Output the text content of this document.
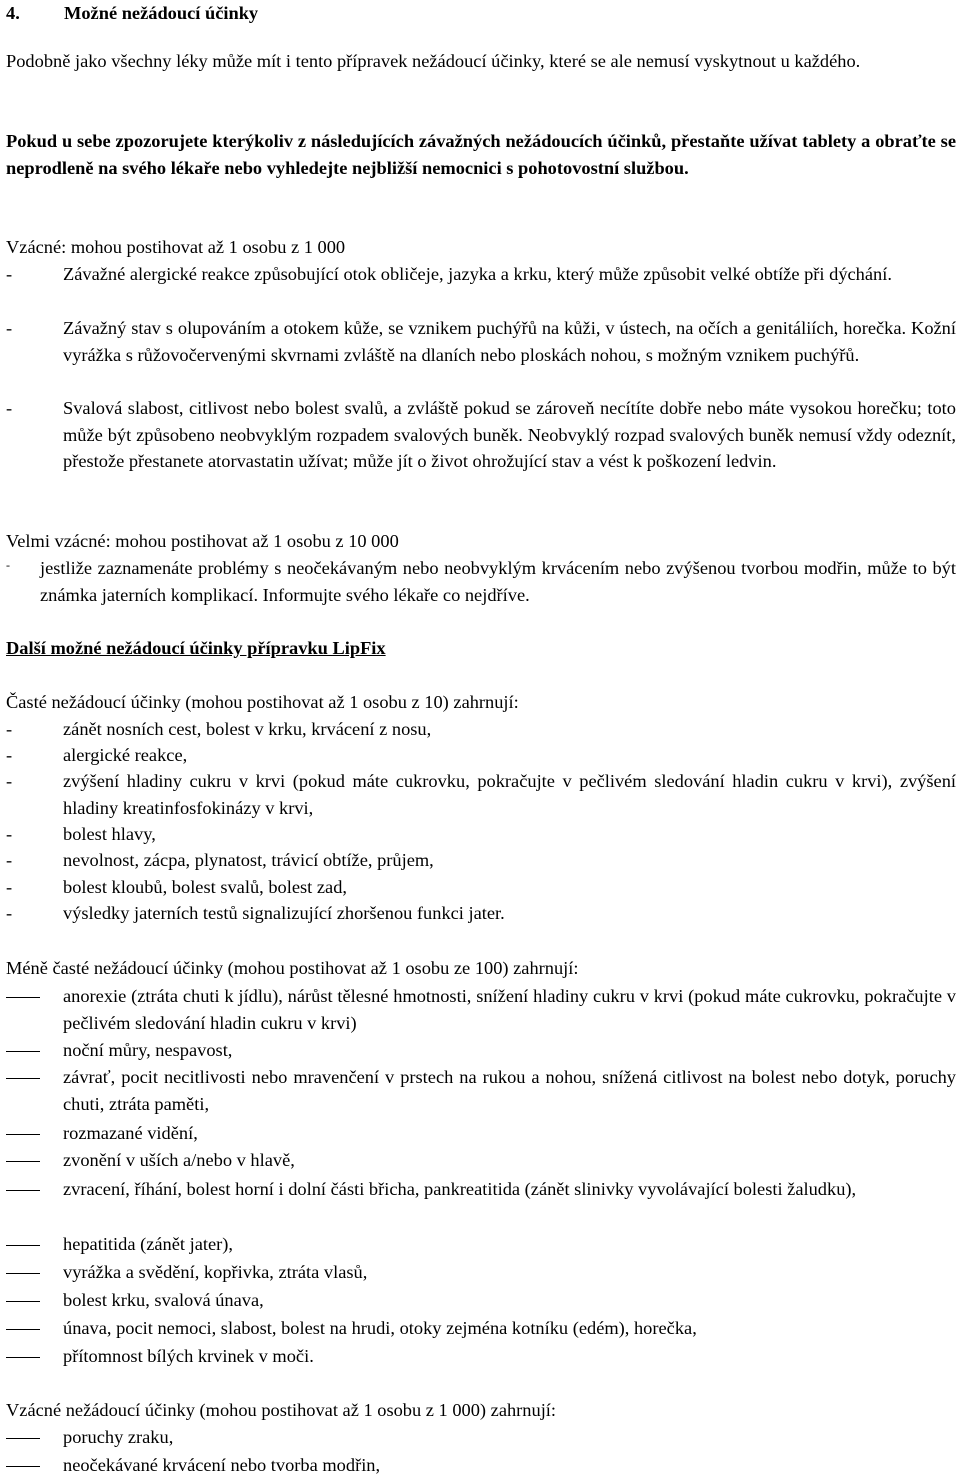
4. Možné nežádoucí účinky
Podobně jako všechny léky může mít i tento přípravek nežádoucí účinky, které se ale nemusí vyskytnout u každého.
Pokud u sebe zpozorujete kterýkoliv z následujících závažných nežádoucích účinků, přestaňte užívat tablety a obraťte se neprodleně na svého lékaře nebo vyhledejte nejbližší nemocnici s pohotovostní službou.
Vzácné: mohou postihovat až 1 osobu z 1 000
-	Závažné alergické reakce způsobující otok obličeje, jazyka a krku, který může způsobit velké obtíže při dýchání.
-	Závažný stav s olupováním a otokem kůže, se vznikem puchýřů na kůži, v ústech, na očích a genitáliích, horečka. Kožní vyrážka s růžovočervenými skvrnami zvláště na dlaních nebo ploskách nohou, s možným vznikem puchýřů.
-	Svalová slabost, citlivost nebo bolest svalů, a zvláště pokud se zároveň necítíte dobře nebo máte vysokou horečku; toto může být způsobeno neobvyklým rozpadem svalových buněk. Neobvyklý rozpad svalových buněk nemusí vždy odeznít, přestože přestanete atorvastatin užívat; může jít o život ohrožující stav a vést k poškození ledvin.
Velmi vzácné: mohou postihovat až 1 osobu z 10 000
-	jestliže zaznamenáte problémy s neočekávaným nebo neobvyklým krvácením nebo zvýšenou tvorbou modřin, může to být známka jaterních komplikací. Informujte svého lékaře co nejdříve.
Další možné nežádoucí účinky přípravku LipFix
Časté nežádoucí účinky (mohou postihovat až 1 osobu z 10) zahrnují:
-	zánět nosních cest, bolest v krku, krvácení z nosu,
-	alergické reakce,
-	zvýšení hladiny cukru v krvi (pokud máte cukrovku, pokračujte v pečlivém sledování hladin cukru v krvi), zvýšení hladiny kreatinfosfokinázy v krvi,
-	bolest hlavy,
-	nevolnost, zácpa, plynatost, trávicí obtíže, průjem,
-	bolest kloubů, bolest svalů, bolest zad,
-	výsledky jaterních testů signalizující zhoršenou funkci jater.
Méně časté nežádoucí účinky (mohou postihovat až 1 osobu ze 100) zahrnují:
anorexie (ztráta chuti k jídlu), nárůst tělesné hmotnosti, snížení hladiny cukru v krvi (pokud máte cukrovku, pokračujte v pečlivém sledování hladin cukru v krvi)
noční můry, nespavost,
závrať, pocit necitlivosti nebo mravenčení v prstech na rukou a nohou, snížená citlivost na bolest nebo dotyk, poruchy chuti, ztráta paměti,
rozmazané vidění,
zvonění v uších a/nebo v hlavě,
zvracení, říhání, bolest horní i dolní části břicha, pankreatitida (zánět slinivky vyvolávající bolesti žaludku),
hepatitida (zánět jater),
vyrážka a svědění, kopřivka, ztráta vlasů,
bolest krku, svalová únava,
únava, pocit nemoci, slabost, bolest na hrudi, otoky zejména kotníku (edém), horečka,
přítomnost bílých krvinek v moči.
Vzácné nežádoucí účinky (mohou postihovat až 1 osobu z 1 000) zahrnují:
poruchy zraku,
neočekávané krvácení nebo tvorba modřin,
